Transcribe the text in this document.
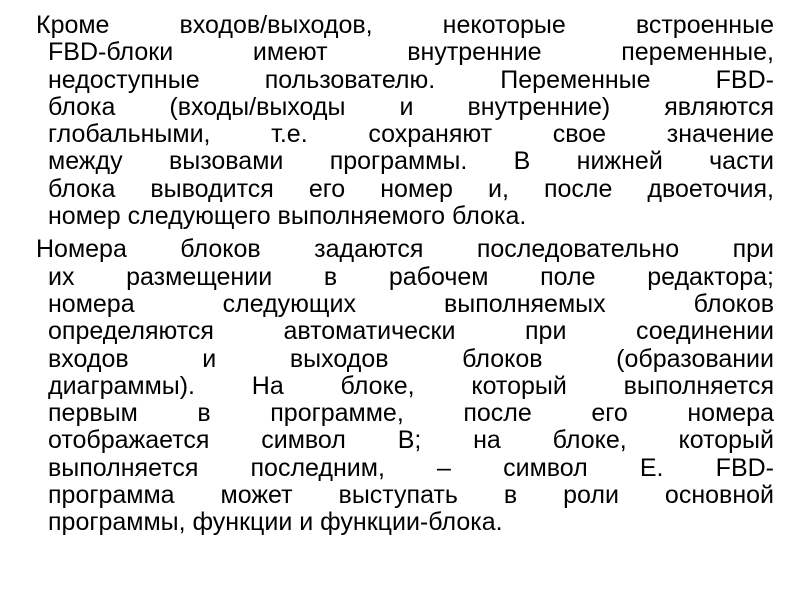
Кроме входов/выходов, некоторые встроенные
FBD-блоки имеют внутренние переменные,
недоступные пользователю. Переменные FBD-
блока (входы/выходы и внутренние) являются
глобальными, т.е. сохраняют свое значение
между вызовами программы. В нижней части
блока выводится его номер и, после двоеточия,
номер следующего выполняемого блока.
Номера блоков задаются последовательно при
их размещении в рабочем поле редактора;
номера следующих выполняемых блоков
определяются автоматически при соединении
входов и выходов блоков (образовании
диаграммы). На блоке, который выполняется
первым в программе, после его номера
отображается символ B; на блоке, который
выполняется последним, – символ E. FBD-
программа может выступать в роли основной
программы, функции и функции-блока.
